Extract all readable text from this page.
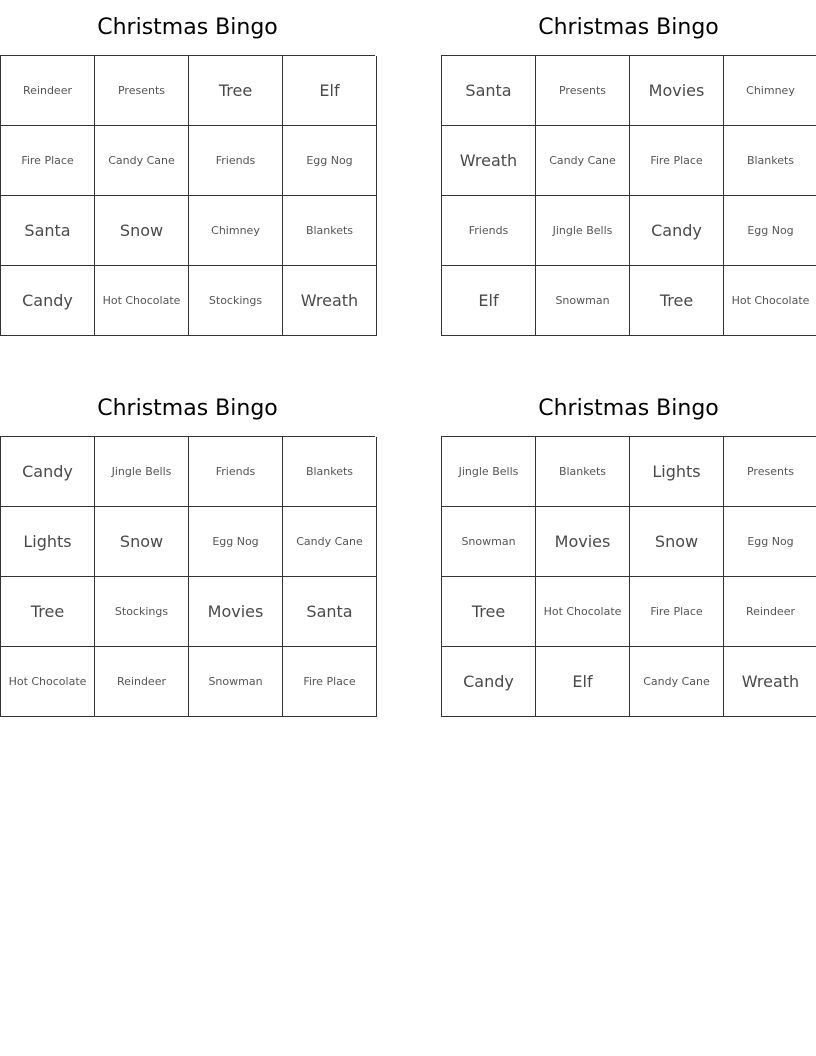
Christmas Bingo
Reindeer	Presents	Tree	Elf
Fire Place	Candy Cane	Friends	Egg Nog
Santa	Snow	Chimney	Blankets
Candy	Hot Chocolate	Stockings	Wreath
Christmas Bingo
Santa	Presents	Movies	Chimney
Wreath	Candy Cane	Fire Place	Blankets
Friends	Jingle Bells	Candy	Egg Nog
Elf	Snowman	Tree	Hot Chocolate
Christmas Bingo
Candy	Jingle Bells	Friends	Blankets
Lights	Snow	Egg Nog	Candy Cane
Tree	Stockings	Movies	Santa
Hot Chocolate	Reindeer	Snowman	Fire Place
Christmas Bingo
Jingle Bells	Blankets	Lights	Presents
Snowman	Movies	Snow	Egg Nog
Tree	Hot Chocolate	Fire Place	Reindeer
Candy	Elf	Candy Cane	Wreath
